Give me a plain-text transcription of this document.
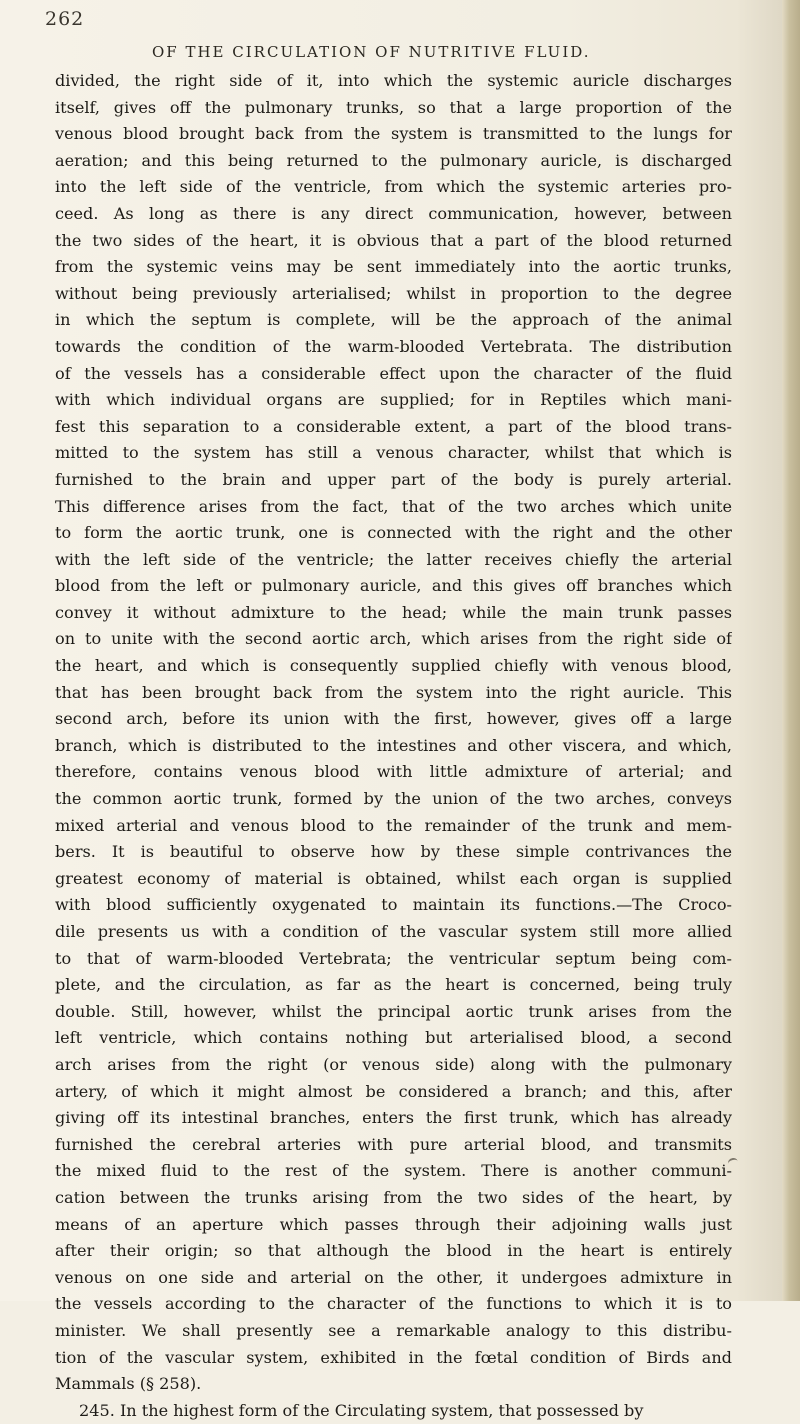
262
OF THE CIRCULATION OF NUTRITIVE FLUID.
divided, the right side of it, into which the systemic auricle discharges
itself, gives off the pulmonary trunks, so that a large proportion of the
venous blood brought back from the system is transmitted to the lungs for
aeration; and this being returned to the pulmonary auricle, is discharged
into the left side of the ventricle, from which the systemic arteries pro-
ceed. As long as there is any direct communication, however, between
the two sides of the heart, it is obvious that a part of the blood returned
from the systemic veins may be sent immediately into the aortic trunks,
without being previously arterialised; whilst in proportion to the degree
in which the septum is complete, will be the approach of the animal
towards the condition of the warm-blooded Vertebrata. The distribution
of the vessels has a considerable effect upon the character of the fluid
with which individual organs are supplied; for in Reptiles which mani-
fest this separation to a considerable extent, a part of the blood trans-
mitted to the system has still a venous character, whilst that which is
furnished to the brain and upper part of the body is purely arterial.
This difference arises from the fact, that of the two arches which unite
to form the aortic trunk, one is connected with the right and the other
with the left side of the ventricle; the latter receives chiefly the arterial
blood from the left or pulmonary auricle, and this gives off branches which
convey it without admixture to the head; while the main trunk passes
on to unite with the second aortic arch, which arises from the right side of
the heart, and which is consequently supplied chiefly with venous blood,
that has been brought back from the system into the right auricle. This
second arch, before its union with the first, however, gives off a large
branch, which is distributed to the intestines and other viscera, and which,
therefore, contains venous blood with little admixture of arterial; and
the common aortic trunk, formed by the union of the two arches, conveys
mixed arterial and venous blood to the remainder of the trunk and mem-
bers. It is beautiful to observe how by these simple contrivances the
greatest economy of material is obtained, whilst each organ is supplied
with blood sufficiently oxygenated to maintain its functions.—The Croco-
dile presents us with a condition of the vascular system still more allied
to that of warm-blooded Vertebrata; the ventricular septum being com-
plete, and the circulation, as far as the heart is concerned, being truly
double. Still, however, whilst the principal aortic trunk arises from the
left ventricle, which contains nothing but arterialised blood, a second
arch arises from the right (or venous side) along with the pulmonary
artery, of which it might almost be considered a branch; and this, after
giving off its intestinal branches, enters the first trunk, which has already
furnished the cerebral arteries with pure arterial blood, and transmits
the mixed fluid to the rest of the system. There is another communi-
cation between the trunks arising from the two sides of the heart, by
means of an aperture which passes through their adjoining walls just
after their origin; so that although the blood in the heart is entirely
venous on one side and arterial on the other, it undergoes admixture in
the vessels according to the character of the functions to which it is to
minister. We shall presently see a remarkable analogy to this distribu-
tion of the vascular system, exhibited in the fœtal condition of Birds and
Mammals (§ 258).
245. In the highest form of the Circulating system, that possessed by
